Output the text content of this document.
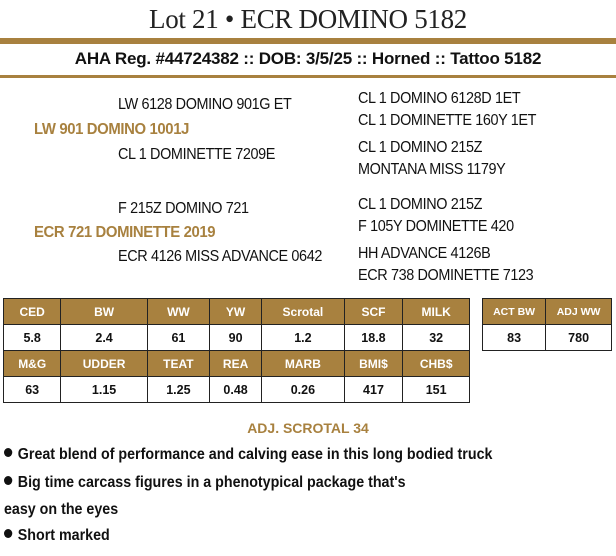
Lot 21 • ECR DOMINO 5182
AHA Reg. #44724382 :: DOB: 3/5/25 :: Horned :: Tattoo 5182
LW 6128 DOMINO 901G ET
LW 901 DOMINO 1001J
CL 1 DOMINETTE 7209E
CL 1 DOMINO 6128D 1ET
CL 1 DOMINETTE 160Y 1ET
CL 1 DOMINO 215Z
MONTANA MISS 1179Y
F 215Z DOMINO 721
ECR 721 DOMINETTE 2019
ECR 4126 MISS ADVANCE 0642
CL 1 DOMINO 215Z
F 105Y DOMINETTE 420
HH ADVANCE 4126B
ECR 738 DOMINETTE 7123
CED	BW	WW	YW	Scrotal	SCF	MILK
5.8	2.4	61	90	1.2	18.8	32
M&G	UDDER	TEAT	REA	MARB	BMI$	CHB$
63	1.15	1.25	0.48	0.26	417	151
ACT BW	ADJ WW
83	780
ADJ. SCROTAL 34
Great blend of performance and calving ease in this long bodied truck
Big time carcass figures in a phenotypical package that's
easy on the eyes
Short marked
